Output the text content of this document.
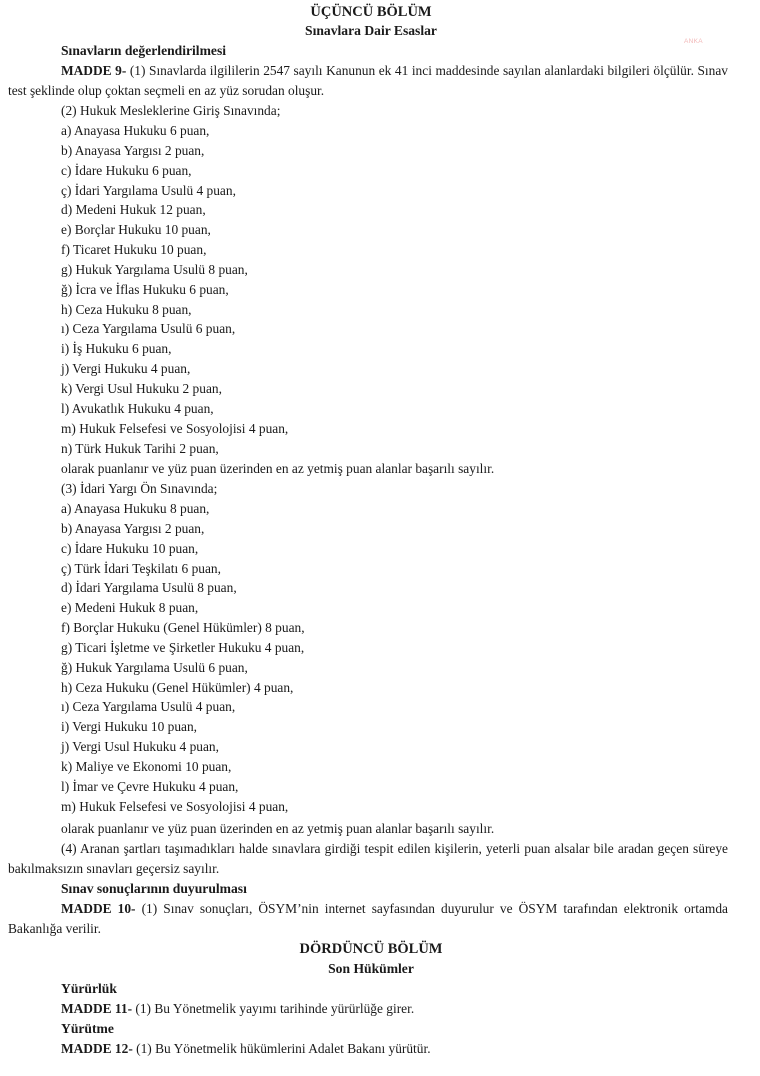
ANKA
ÜÇÜNCÜ BÖLÜM
Sınavlara Dair Esaslar
Sınavların değerlendirilmesi

MADDE 9- (1) Sınavlarda ilgililerin 2547 sayılı Kanunun ek 41 inci maddesinde sayılan alanlardaki bilgileri ölçülür. Sınav test şeklinde olup çoktan seçmeli en az yüz sorudan oluşur.

(2) Hukuk Mesleklerine Giriş Sınavında;
a) Anayasa Hukuku 6 puan,
b) Anayasa Yargısı 2 puan,
c) İdare Hukuku 6 puan,
ç) İdari Yargılama Usulü 4 puan,
d) Medeni Hukuk 12 puan,
e) Borçlar Hukuku 10 puan,
f) Ticaret Hukuku 10 puan,
g) Hukuk Yargılama Usulü 8 puan,
ğ) İcra ve İflas Hukuku 6 puan,
h) Ceza Hukuku 8 puan,
ı) Ceza Yargılama Usulü 6 puan,
i) İş Hukuku 6 puan,
j) Vergi Hukuku 4 puan,
k) Vergi Usul Hukuku 2 puan,
l) Avukatlık Hukuku 4 puan,
m) Hukuk Felsefesi ve Sosyolojisi 4 puan,
n) Türk Hukuk Tarihi 2 puan,
olarak puanlanır ve yüz puan üzerinden en az yetmiş puan alanlar başarılı sayılır.
(3) İdari Yargı Ön Sınavında;
a) Anayasa Hukuku 8 puan,
b) Anayasa Yargısı 2 puan,
c) İdare Hukuku 10 puan,
ç) Türk İdari Teşkilatı 6 puan,
d) İdari Yargılama Usulü 8 puan,
e) Medeni Hukuk 8 puan,
f) Borçlar Hukuku (Genel Hükümler) 8 puan,
g) Ticari İşletme ve Şirketler Hukuku 4 puan,
ğ) Hukuk Yargılama Usulü 6 puan,
h) Ceza Hukuku (Genel Hükümler) 4 puan,
ı) Ceza Yargılama Usulü 4 puan,
i) Vergi Hukuku 10 puan,
j) Vergi Usul Hukuku 4 puan,
k) Maliye ve Ekonomi 10 puan,
l) İmar ve Çevre Hukuku 4 puan,
m) Hukuk Felsefesi ve Sosyolojisi 4 puan,
olarak puanlanır ve yüz puan üzerinden en az yetmiş puan alanlar başarılı sayılır.

(4) Aranan şartları taşımadıkları halde sınavlara girdiği tespit edilen kişilerin, yeterli puan alsalar bile aradan geçen süreye bakılmaksızın sınavları geçersiz sayılır.

Sınav sonuçlarının duyurulması

MADDE 10- (1) Sınav sonuçları, ÖSYM’nin internet sayfasından duyurulur ve ÖSYM tarafından elektronik ortamda Bakanlığa verilir.

DÖRDÜNCÜ BÖLÜM
Son Hükümler
Yürürlük

MADDE 11- (1) Bu Yönetmelik yayımı tarihinde yürürlüğe girer.

Yürütme

MADDE 12- (1) Bu Yönetmelik hükümlerini Adalet Bakanı yürütür.
